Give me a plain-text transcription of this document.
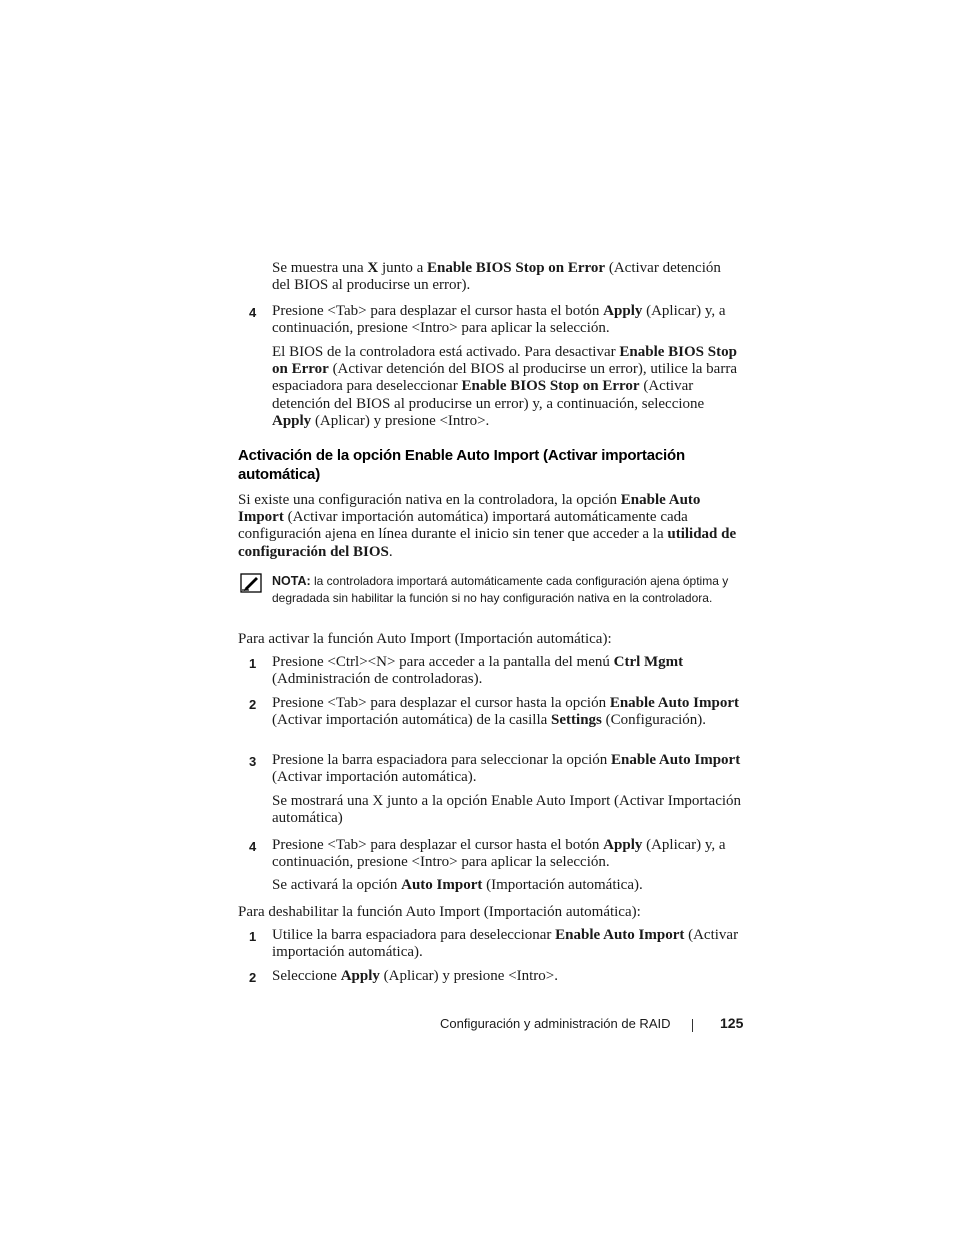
Se muestra una X junto a Enable BIOS Stop on Error (Activar detención del BIOS al producirse un error).

4 Presione <Tab> para desplazar el cursor hasta el botón Apply (Aplicar) y, a continuación, presione <Intro> para aplicar la selección.

El BIOS de la controladora está activado. Para desactivar Enable BIOS Stop on Error (Activar detención del BIOS al producirse un error), utilice la barra espaciadora para deseleccionar Enable BIOS Stop on Error (Activar detención del BIOS al producirse un error) y, a continuación, seleccione Apply (Aplicar) y presione <Intro>.

Activación de la opción Enable Auto Import (Activar importación automática)

Si existe una configuración nativa en la controladora, la opción Enable Auto Import (Activar importación automática) importará automáticamente cada configuración ajena en línea durante el inicio sin tener que acceder a la utilidad de configuración del BIOS.

NOTA: la controladora importará automáticamente cada configuración ajena óptima y degradada sin habilitar la función si no hay configuración nativa en la controladora.

Para activar la función Auto Import (Importación automática):

1 Presione <Ctrl><N> para acceder a la pantalla del menú Ctrl Mgmt (Administración de controladoras).

2 Presione <Tab> para desplazar el cursor hasta la opción Enable Auto Import (Activar importación automática) de la casilla Settings (Configuración).

3 Presione la barra espaciadora para seleccionar la opción Enable Auto Import (Activar importación automática).

Se mostrará una X junto a la opción Enable Auto Import (Activar Importación automática)

4 Presione <Tab> para desplazar el cursor hasta el botón Apply (Aplicar) y, a continuación, presione <Intro> para aplicar la selección.

Se activará la opción Auto Import (Importación automática).

Para deshabilitar la función Auto Import (Importación automática):

1 Utilice la barra espaciadora para deseleccionar Enable Auto Import (Activar importación automática).

2 Seleccione Apply (Aplicar) y presione <Intro>.

Configuración y administración de RAID	125
